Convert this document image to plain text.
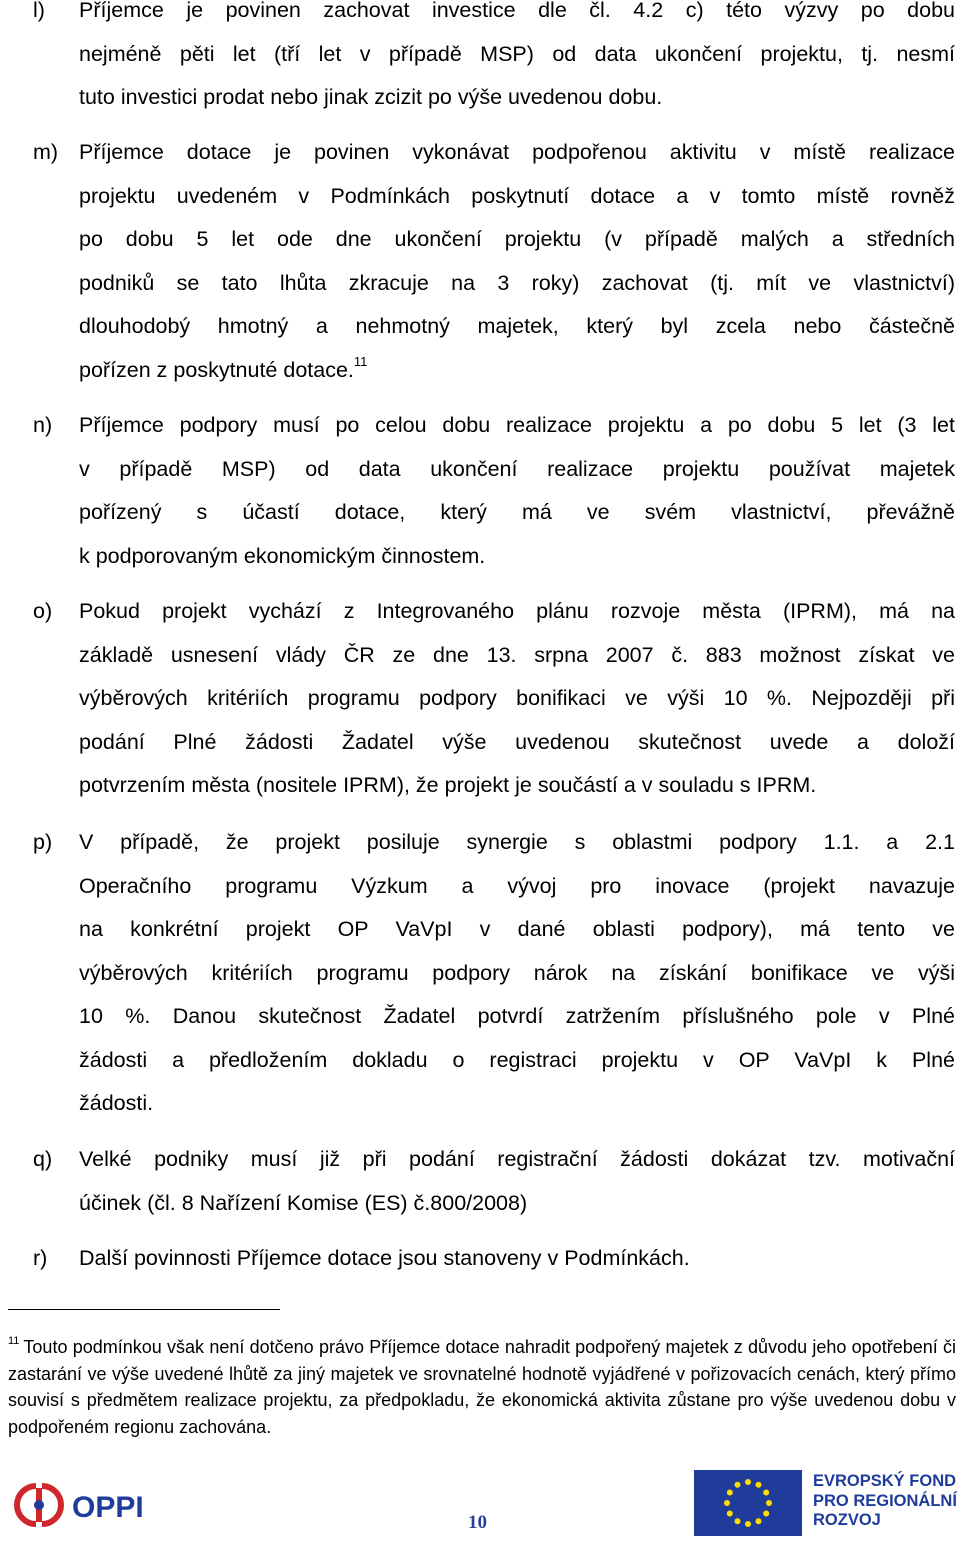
l) Příjemce je povinen zachovat investice dle čl. 4.2 c) této výzvy po dobu
nejméně pěti let (tří let v případě MSP) od data ukončení projektu, tj. nesmí
tuto investici prodat nebo jinak zcizit po výše uvedenou dobu.
m) Příjemce dotace je povinen vykonávat podpořenou aktivitu v místě realizace
projektu uvedeném v Podmínkách poskytnutí dotace a v tomto místě rovněž
po dobu 5 let ode dne ukončení projektu (v případě malých a středních
podniků se tato lhůta zkracuje na 3 roky) zachovat (tj. mít ve vlastnictví)
dlouhodobý hmotný a nehmotný majetek, který byl zcela nebo částečně
pořízen z poskytnuté dotace.$^{11}$
n) Příjemce podpory musí po celou dobu realizace projektu a po dobu 5 let (3 let
v případě MSP) od data ukončení realizace projektu používat majetek
pořízený s účastí dotace, který má ve svém vlastnictví, převážně
k podporovaným ekonomickým činnostem.
o) Pokud projekt vychází z Integrovaného plánu rozvoje města (IPRM), má na
základě usnesení vlády ČR ze dne 13. srpna 2007 č. 883 možnost získat ve
výběrových kritériích programu podpory bonifikaci ve výši 10 %. Nejpozději při
podání Plné žádosti Žadatel výše uvedenou skutečnost uvede a doloží
potvrzením města (nositele IPRM), že projekt je součástí a v souladu s IPRM.
p) V případě, že projekt posiluje synergie s oblastmi podpory 1.1. a 2.1
Operačního programu Výzkum a vývoj pro inovace (projekt navazuje
na konkrétní projekt OP VaVpI v dané oblasti podpory), má tento ve
výběrových kritériích programu podpory nárok na získání bonifikace ve výši
10 %. Danou skutečnost Žadatel potvrdí zatržením příslušného pole v Plné
žádosti a předložením dokladu o registraci projektu v OP VaVpI k Plné
žádosti.
q) Velké podniky musí již při podání registrační žádosti dokázat tzv. motivační
účinek (čl. 8 Nařízení Komise (ES) č.800/2008)
r) Další povinnosti Příjemce dotace jsou stanoveny v Podmínkách.

$^{11}$ Touto podmínkou však není dotčeno právo Příjemce dotace nahradit podpořený majetek z důvodu jeho opotřebení či zastarání ve výše uvedené lhůtě za jiný majetek ve srovnatelné hodnotě vyjádřené v pořizovacích cenách, který přímo souvisí s předmětem realizace projektu, za předpokladu, že ekonomická aktivita zůstane pro výše uvedenou dobu v podpořeném regionu zachována.

OPPI	10
EVROPSKÝ FOND
PRO REGIONÁLNÍ
ROZVOJ
